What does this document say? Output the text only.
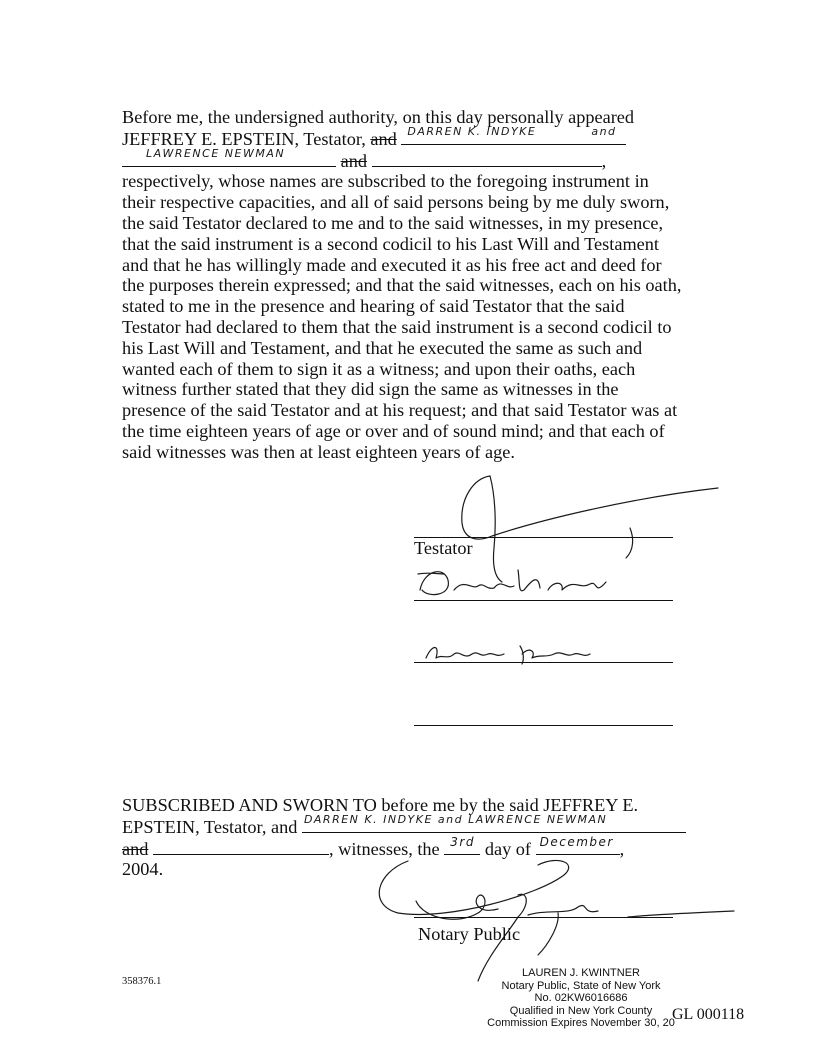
Before me, the undersigned authority, on this day personally appeared
JEFFREY E. EPSTEIN, Testator, and DARREN K. INDYKE	and
LAWRENCE NEWMAN	and	,
respectively, whose names are subscribed to the foregoing instrument in
their respective capacities, and all of said persons being by me duly sworn,
the said Testator declared to me and to the said witnesses, in my presence,
that the said instrument is a second codicil to his Last Will and Testament
and that he has willingly made and executed it as his free act and deed for
the purposes therein expressed; and that the said witnesses, each on his oath,
stated to me in the presence and hearing of said Testator that the said
Testator had declared to them that the said instrument is a second codicil to
his Last Will and Testament, and that he executed the same as such and
wanted each of them to sign it as a witness; and upon their oaths, each
witness further stated that they did sign the same as witnesses in the
presence of the said Testator and at his request; and that said Testator was at
the time eighteen years of age or over and of sound mind; and that each of
said witnesses was then at least eighteen years of age.
Testator
SUBSCRIBED AND SWORN TO before me by the said JEFFREY E.
EPSTEIN, Testator, and DARREN K. INDYKE and LAWRENCE NEWMAN
and	, witnesses, the 3rd day of December ,
2004.
Notary Public
LAUREN J. KWINTNER
Notary Public, State of New York
No. 02KW6016686
Qualified in New York County
Commission Expires November 30, 20
358376.1
GL 000118
